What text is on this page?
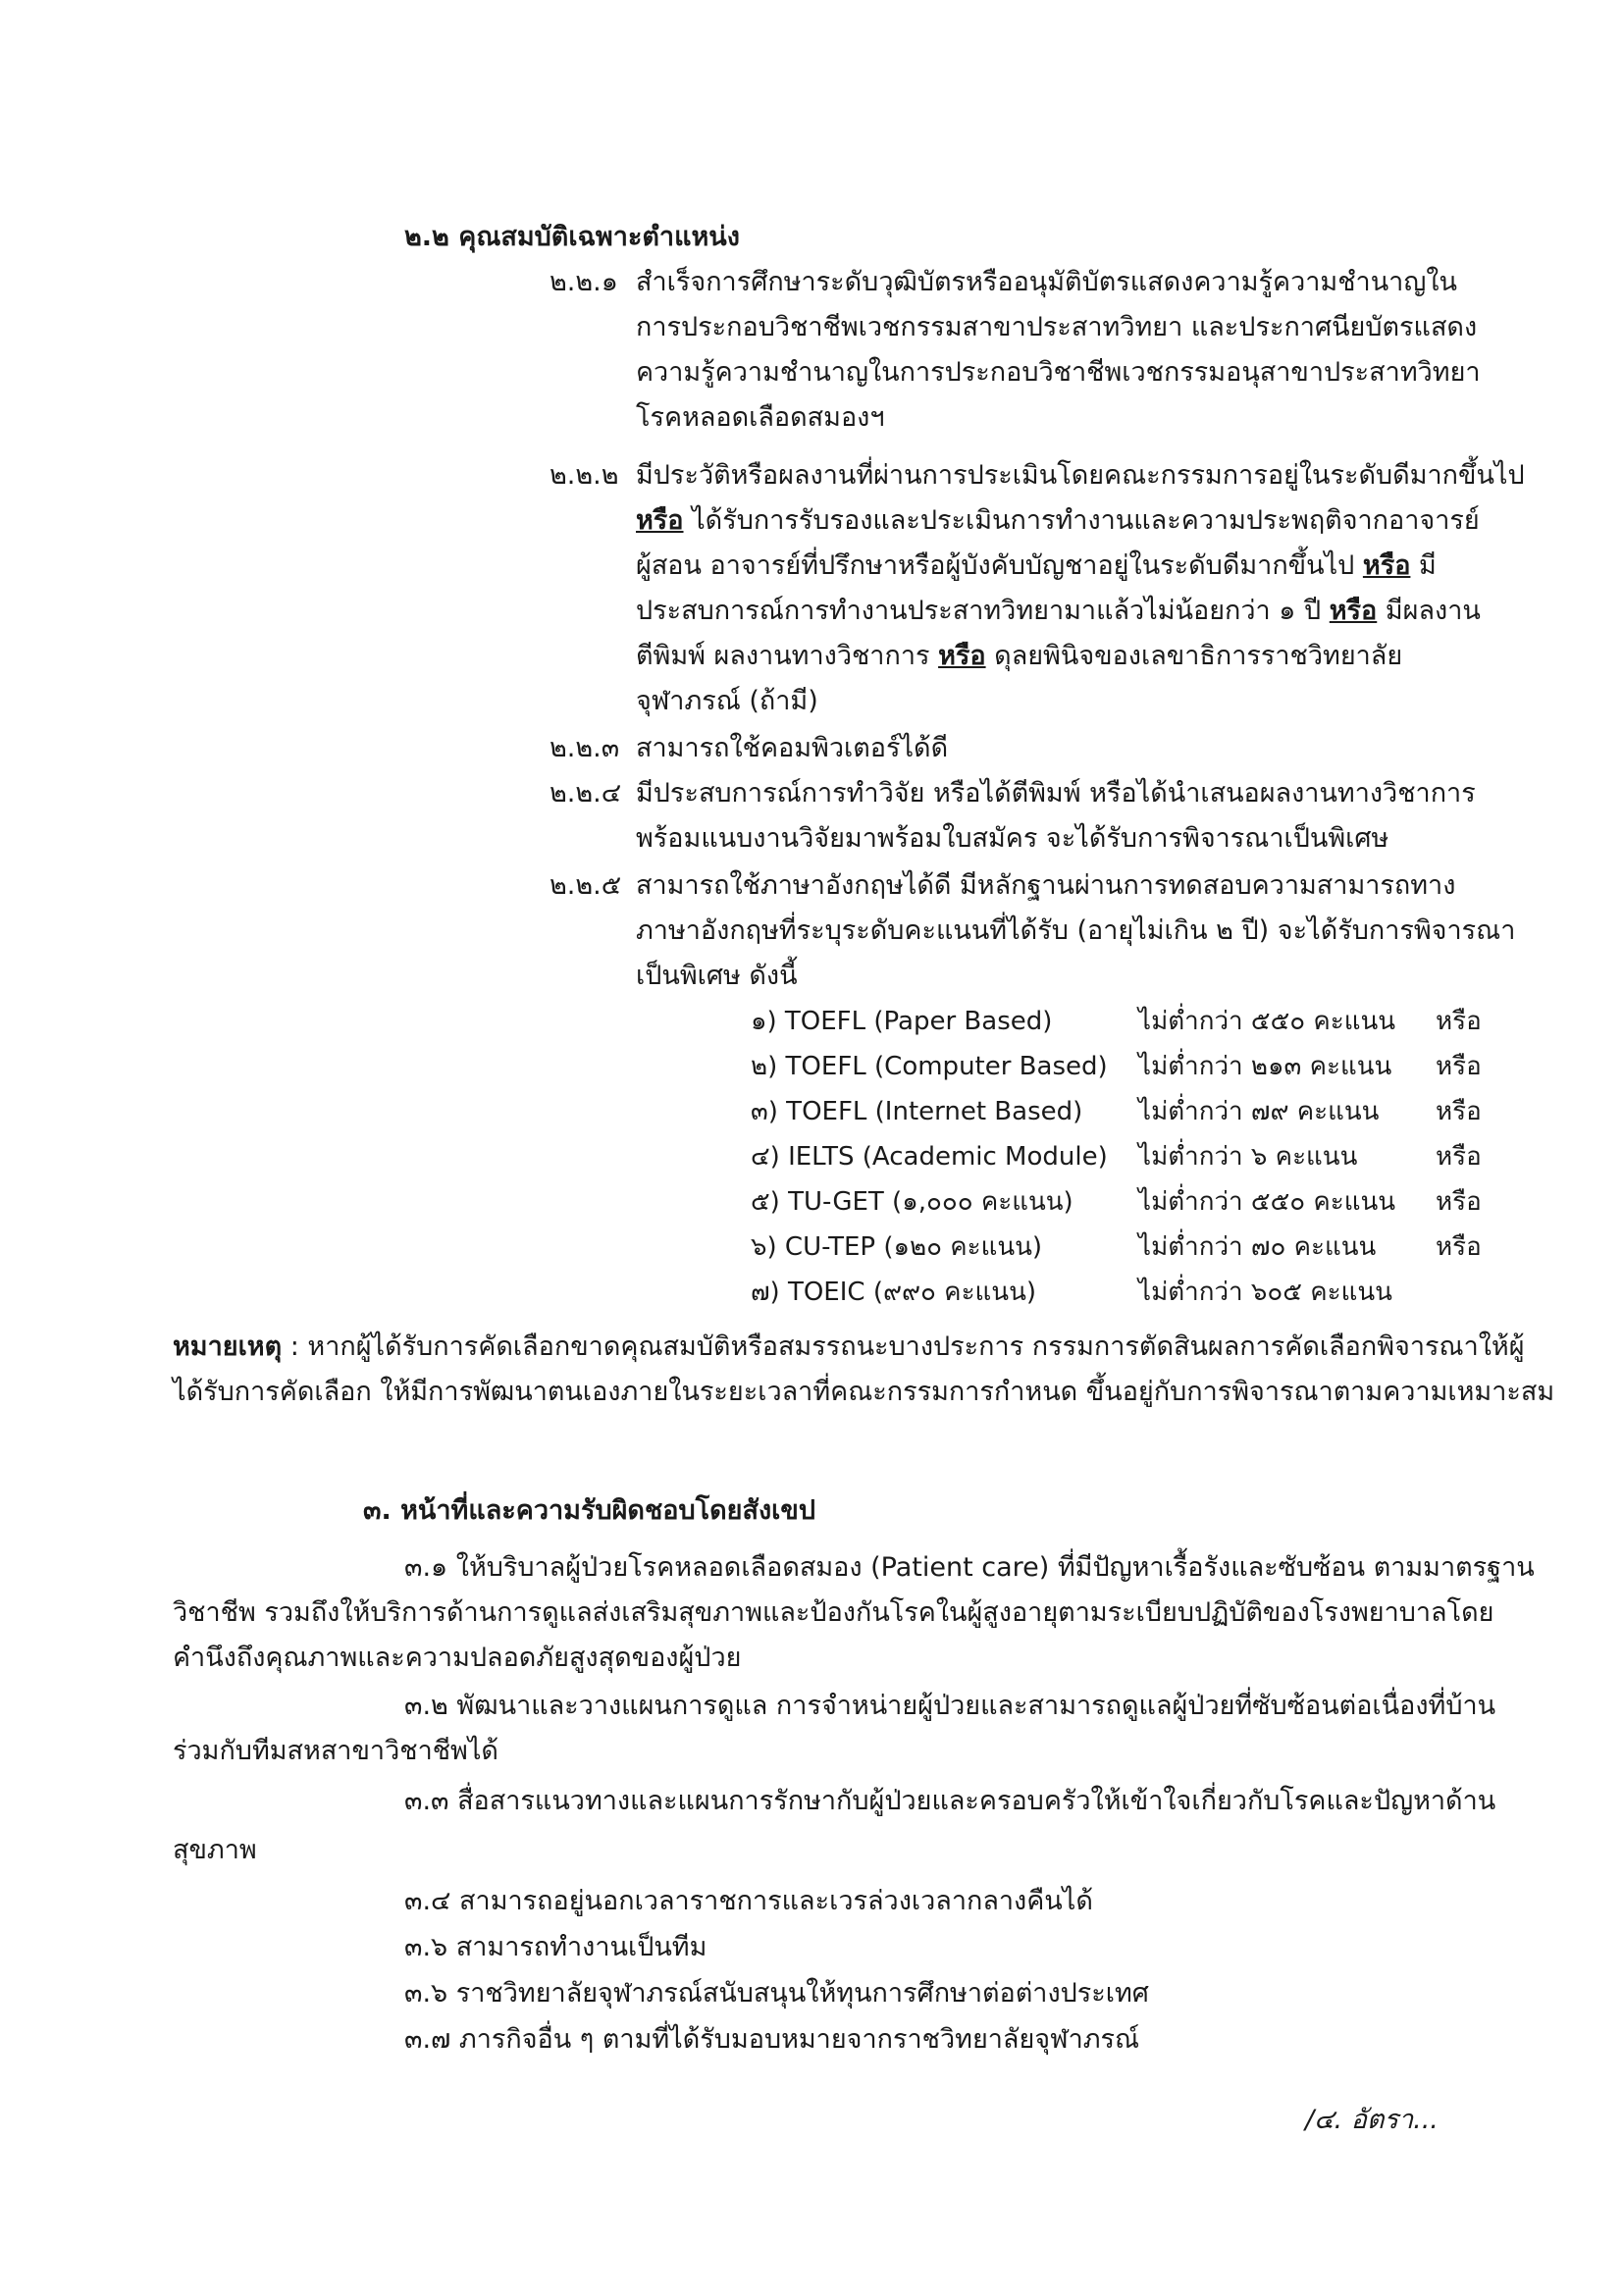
๒.๒ คุณสมบัติเฉพาะตำแหน่ง
๒.๒.๑ สำเร็จการศึกษาระดับวุฒิบัตรหรืออนุมัติบัตรแสดงความรู้ความชำนาญใน
การประกอบวิชาชีพเวชกรรมสาขาประสาทวิทยา และประกาศนียบัตรแสดง
ความรู้ความชำนาญในการประกอบวิชาชีพเวชกรรมอนุสาขาประสาทวิทยา
โรคหลอดเลือดสมองฯ
๒.๒.๒ มีประวัติหรือผลงานที่ผ่านการประเมินโดยคณะกรรมการอยู่ในระดับดีมากขึ้นไป
หรือ ได้รับการรับรองและประเมินการทำงานและความประพฤติจากอาจารย์
ผู้สอน อาจารย์ที่ปรึกษาหรือผู้บังคับบัญชาอยู่ในระดับดีมากขึ้นไป หรือ มี
ประสบการณ์การทำงานประสาทวิทยามาแล้วไม่น้อยกว่า ๑ ปี หรือ มีผลงาน
ตีพิมพ์ ผลงานทางวิชาการ หรือ ดุลยพินิจของเลขาธิการราชวิทยาลัย
จุฬาภรณ์ (ถ้ามี)
๒.๒.๓ สามารถใช้คอมพิวเตอร์ได้ดี
๒.๒.๔ มีประสบการณ์การทำวิจัย หรือได้ตีพิมพ์ หรือได้นำเสนอผลงานทางวิชาการ
พร้อมแนบงานวิจัยมาพร้อมใบสมัคร จะได้รับการพิจารณาเป็นพิเศษ
๒.๒.๕ สามารถใช้ภาษาอังกฤษได้ดี มีหลักฐานผ่านการทดสอบความสามารถทาง
ภาษาอังกฤษที่ระบุระดับคะแนนที่ได้รับ (อายุไม่เกิน ๒ ปี) จะได้รับการพิจารณา
เป็นพิเศษ ดังนี้
๑) TOEFL (Paper Based)	ไม่ต่ำกว่า ๕๕๐ คะแนน หรือ
๒) TOEFL (Computer Based) ไม่ต่ำกว่า ๒๑๓ คะแนน หรือ
๓) TOEFL (Internet Based) ไม่ต่ำกว่า ๗๙ คะแนน หรือ
๔) IELTS (Academic Module) ไม่ต่ำกว่า ๖ คะแนน	หรือ
๕) TU-GET (๑,๐๐๐ คะแนน)	ไม่ต่ำกว่า ๕๕๐ คะแนน หรือ
๖) CU-TEP (๑๒๐ คะแนน)	ไม่ต่ำกว่า ๗๐ คะแนน หรือ
๗) TOEIC (๙๙๐ คะแนน)	ไม่ต่ำกว่า ๖๐๕ คะแนน
หมายเหตุ : หากผู้ได้รับการคัดเลือกขาดคุณสมบัติหรือสมรรถนะบางประการ กรรมการตัดสินผลการคัดเลือกพิจารณาให้ผู้
ได้รับการคัดเลือก ให้มีการพัฒนาตนเองภายในระยะเวลาที่คณะกรรมการกำหนด ขึ้นอยู่กับการพิจารณาตามความเหมาะสม
๓. หน้าที่และความรับผิดชอบโดยสังเขป
๓.๑ ให้บริบาลผู้ป่วยโรคหลอดเลือดสมอง (Patient care) ที่มีปัญหาเรื้อรังและซับซ้อน ตามมาตรฐาน
วิชาชีพ รวมถึงให้บริการด้านการดูแลส่งเสริมสุขภาพและป้องกันโรคในผู้สูงอายุตามระเบียบปฏิบัติของโรงพยาบาลโดย
คำนึงถึงคุณภาพและความปลอดภัยสูงสุดของผู้ป่วย
๓.๒ พัฒนาและวางแผนการดูแล การจำหน่ายผู้ป่วยและสามารถดูแลผู้ป่วยที่ซับซ้อนต่อเนื่องที่บ้าน
ร่วมกับทีมสหสาขาวิชาชีพได้
๓.๓ สื่อสารแนวทางและแผนการรักษากับผู้ป่วยและครอบครัวให้เข้าใจเกี่ยวกับโรคและปัญหาด้าน
สุขภาพ
๓.๔ สามารถอยู่นอกเวลาราชการและเวรล่วงเวลากลางคืนได้
๓.๖ สามารถทำงานเป็นทีม
๓.๖ ราชวิทยาลัยจุฬาภรณ์สนับสนุนให้ทุนการศึกษาต่อต่างประเทศ
๓.๗ ภารกิจอื่น ๆ ตามที่ได้รับมอบหมายจากราชวิทยาลัยจุฬาภรณ์
/๔. อัตรา...
